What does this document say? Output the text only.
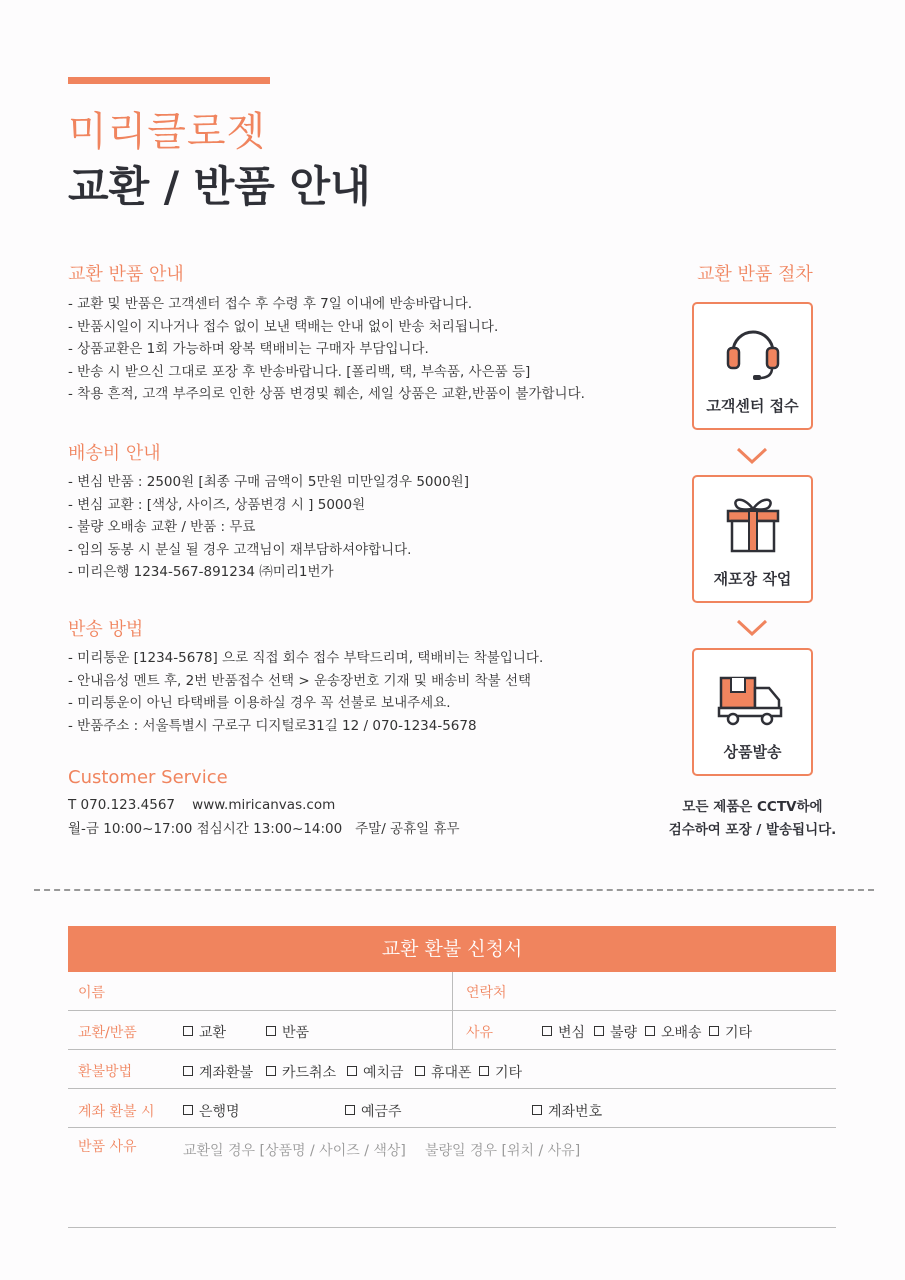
미리클로젯
교환 / 반품 안내
교환 반품 안내
- 교환 및 반품은 고객센터 접수 후 수령 후 7일 이내에 반송바랍니다.
- 반품시일이 지나거나 접수 없이 보낸 택배는 안내 없이 반송 처리됩니다.
- 상품교환은 1회 가능하며 왕복 택배비는 구매자 부담입니다.
- 반송 시 받으신 그대로 포장 후 반송바랍니다. [폴리백, 택, 부속품, 사은품 등]
- 착용 흔적, 고객 부주의로 인한 상품 변경및 훼손, 세일 상품은 교환,반품이 불가합니다.
배송비 안내
- 변심 반품 : 2500원 [최종 구매 금액이 5만원 미만일경우 5000원]
- 변심 교환 : [색상, 사이즈, 상품변경 시 ] 5000원
- 불량 오배송 교환 / 반품 : 무료
- 임의 동봉 시 분실 될 경우 고객님이 재부담하셔야합니다.
- 미리은행 1234-567-891234 ㈜미리1번가
반송 방법
- 미리통운 [1234-5678] 으로 직접 회수 접수 부탁드리며, 택배비는 착불입니다.
- 안내음성 멘트 후, 2번 반품접수 선택 > 운송장번호 기재 및 배송비 착불 선택
- 미리통운이 아닌 타택배를 이용하실 경우 꼭 선불로 보내주세요.
- 반품주소 : 서울특별시 구로구 디지털로31길 12 / 070-1234-5678
Customer Service
T 070.123.4567    www.miricanvas.com
월-금 10:00~17:00 점심시간 13:00~14:00   주말/ 공휴일 휴무
교환 반품 절차
고객센터 접수
재포장 작업
상품발송
모든 제품은 CCTV하에
검수하여 포장 / 발송됩니다.
교환 환불 신청서
이름	연락처
교환/반품	교환	반품	사유	변심	불량	오배송	기타
환불방법	계좌환불	카드취소	예치금	휴대폰	기타
계좌 환불 시	은행명	예금주	계좌번호
반품 사유	교환일 경우 [상품명 / 사이즈 / 색상] 불량일 경우 [위치 / 사유]
